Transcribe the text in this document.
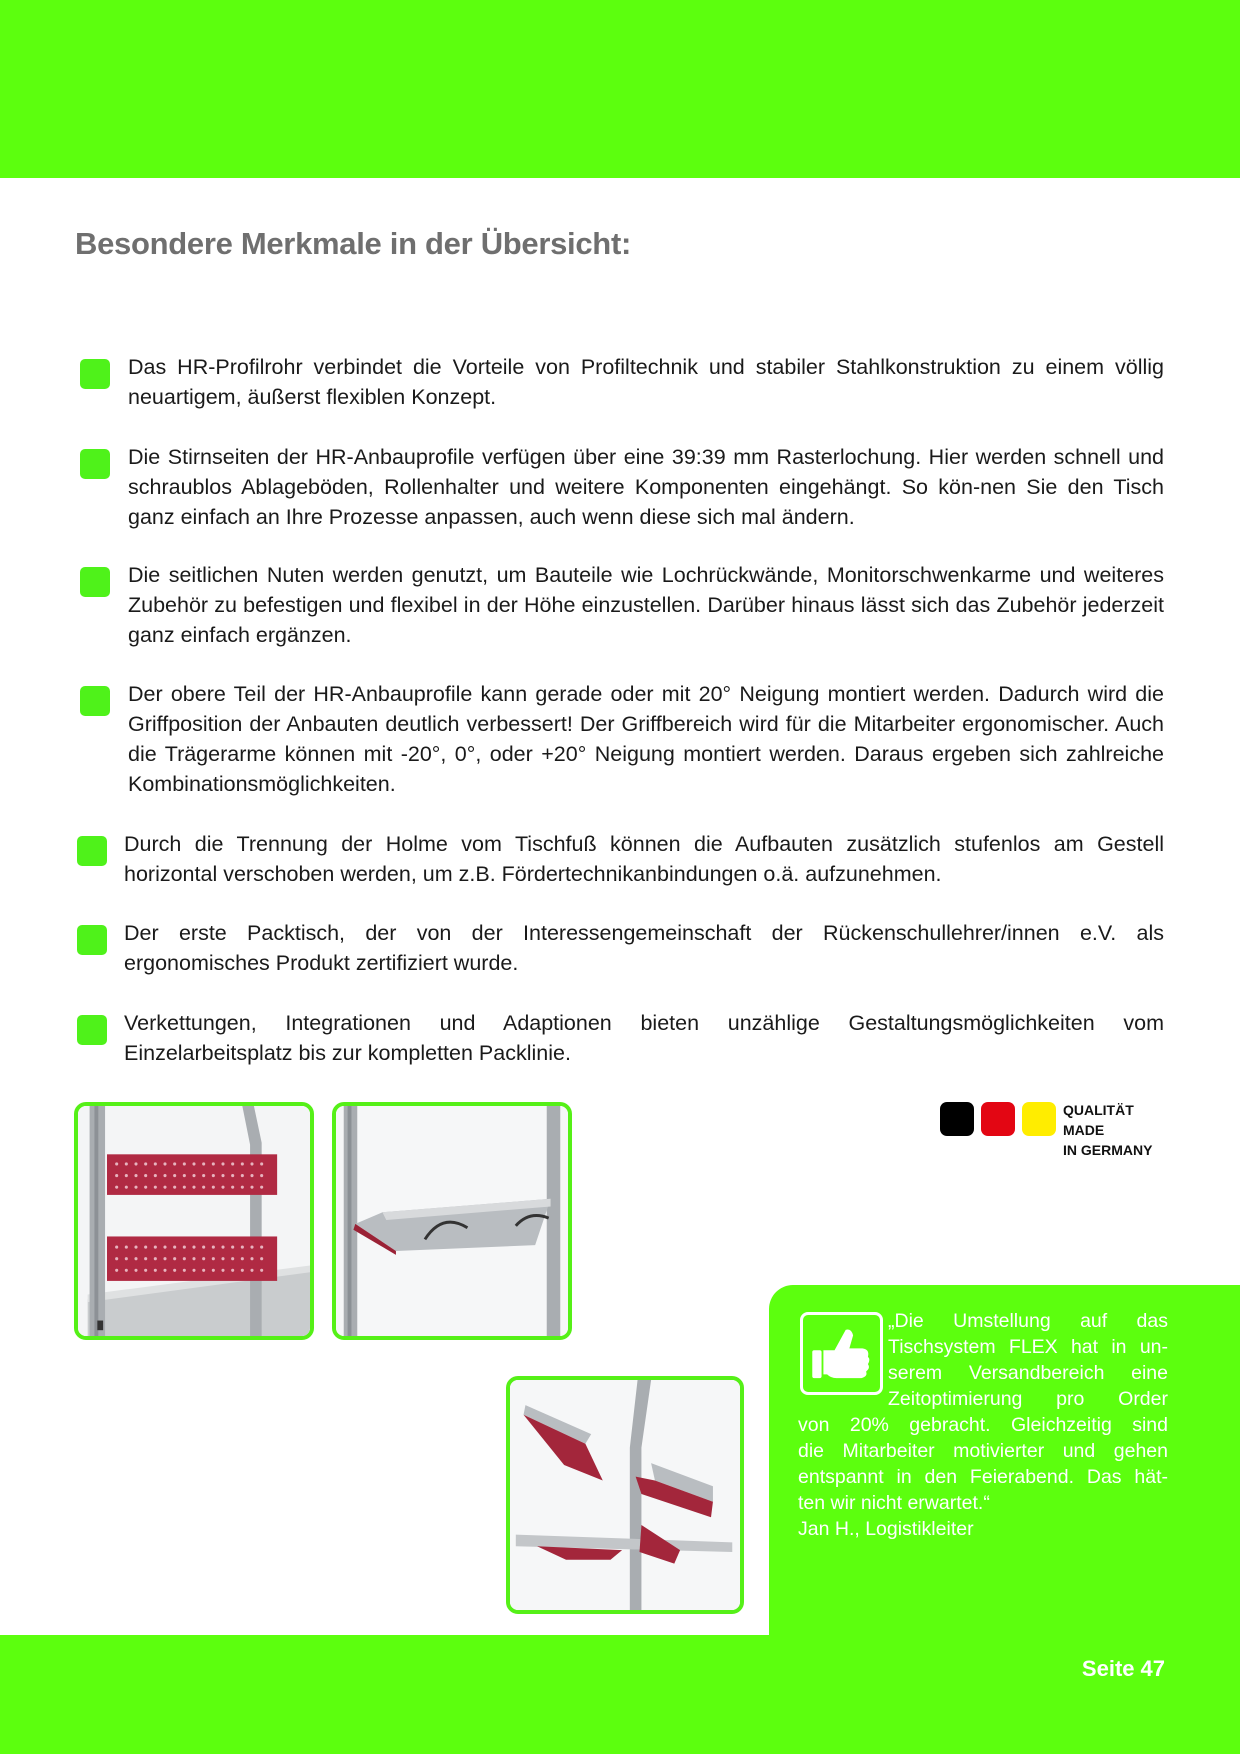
Besondere Merkmale in der Übersicht:

Das HR-Profilrohr verbindet die Vorteile von Profiltechnik und stabiler Stahlkonstruktion zu einem völlig neuartigem, äußerst flexiblen Konzept.

Die Stirnseiten der HR-Anbauprofile verfügen über eine 39:39 mm Rasterlochung. Hier werden schnell und schraublos Ablageböden, Rollenhalter und weitere Komponenten eingehängt. So kön-nen Sie den Tisch ganz einfach an Ihre Prozesse anpassen, auch wenn diese sich mal ändern.

Die seitlichen Nuten werden genutzt, um Bauteile wie Lochrückwände, Monitorschwenkarme und weiteres Zubehör zu befestigen und flexibel in der Höhe einzustellen. Darüber hinaus lässt sich das Zubehör jederzeit ganz einfach ergänzen.

Der obere Teil der HR-Anbauprofile kann gerade oder mit 20° Neigung montiert werden. Dadurch wird die Griffposition der Anbauten deutlich verbessert! Der Griffbereich wird für die Mitarbeiter ergonomischer. Auch die Trägerarme können mit -20°, 0°, oder +20° Neigung montiert werden. Daraus ergeben sich zahlreiche Kombinationsmöglichkeiten.

Durch die Trennung der Holme vom Tischfuß können die Aufbauten zusätzlich stufenlos am Gestell horizontal verschoben werden, um z.B. Fördertechnikanbindungen o.ä. aufzunehmen.

Der erste Packtisch, der von der Interessengemeinschaft der Rückenschullehrer/innen e.V. als ergonomisches Produkt zertifiziert wurde.

Verkettungen, Integrationen und Adaptionen bieten unzählige Gestaltungsmöglichkeiten vom Einzelarbeitsplatz bis zur kompletten Packlinie.

QUALITÄT
MADE
IN GERMANY
„Die Umstellung auf das
Tischsystem FLEX hat in un-
serem Versandbereich eine
Zeitoptimierung pro Order
von 20% gebracht. Gleichzeitig sind
die Mitarbeiter motivierter und gehen
entspannt in den Feierabend. Das hät-
ten wir nicht erwartet.“
Jan H., Logistikleiter
Seite 47
